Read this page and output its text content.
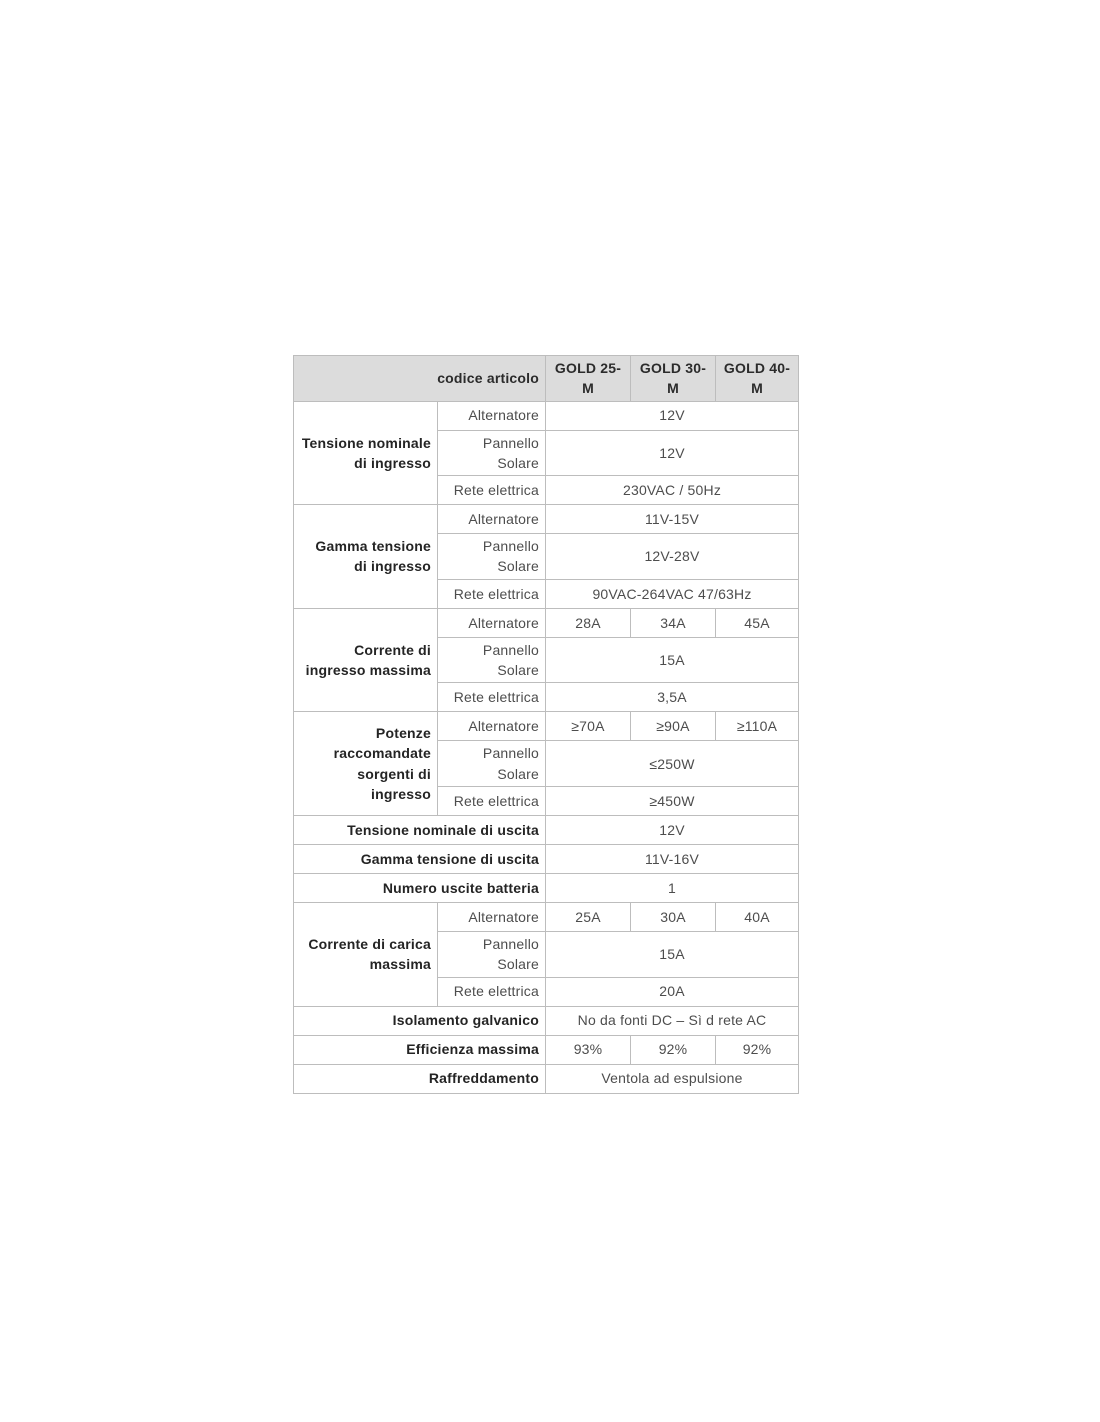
codice articolo		GOLD 25-M	GOLD 30-M	GOLD 40-M
Tensione nominale di ingresso	Alternatore	12V		
	Pannello Solare	12V		
	Rete elettrica	230VAC / 50Hz		
Gamma tensione di ingresso	Alternatore	11V-15V		
	Pannello Solare	12V-28V		
	Rete elettrica	90VAC-264VAC 47/63Hz		
Corrente di ingresso massima	Alternatore	28A	34A	45A
	Pannello Solare	15A		
	Rete elettrica	3,5A		
Potenze raccomandate sorgenti di ingresso	Alternatore	≥70A	≥90A	≥110A
	Pannello Solare	≤250W		
	Rete elettrica	≥450W		
Tensione nominale di uscita		12V		
Gamma tensione di uscita		11V-16V		
Numero uscite batteria		1		
Corrente di carica massima	Alternatore	25A	30A	40A
	Pannello Solare	15A		
	Rete elettrica	20A		
Isolamento galvanico		No da fonti DC – Sì d rete AC		
Efficienza massima		93%	92%	92%
Raffreddamento		Ventola ad espulsione		
